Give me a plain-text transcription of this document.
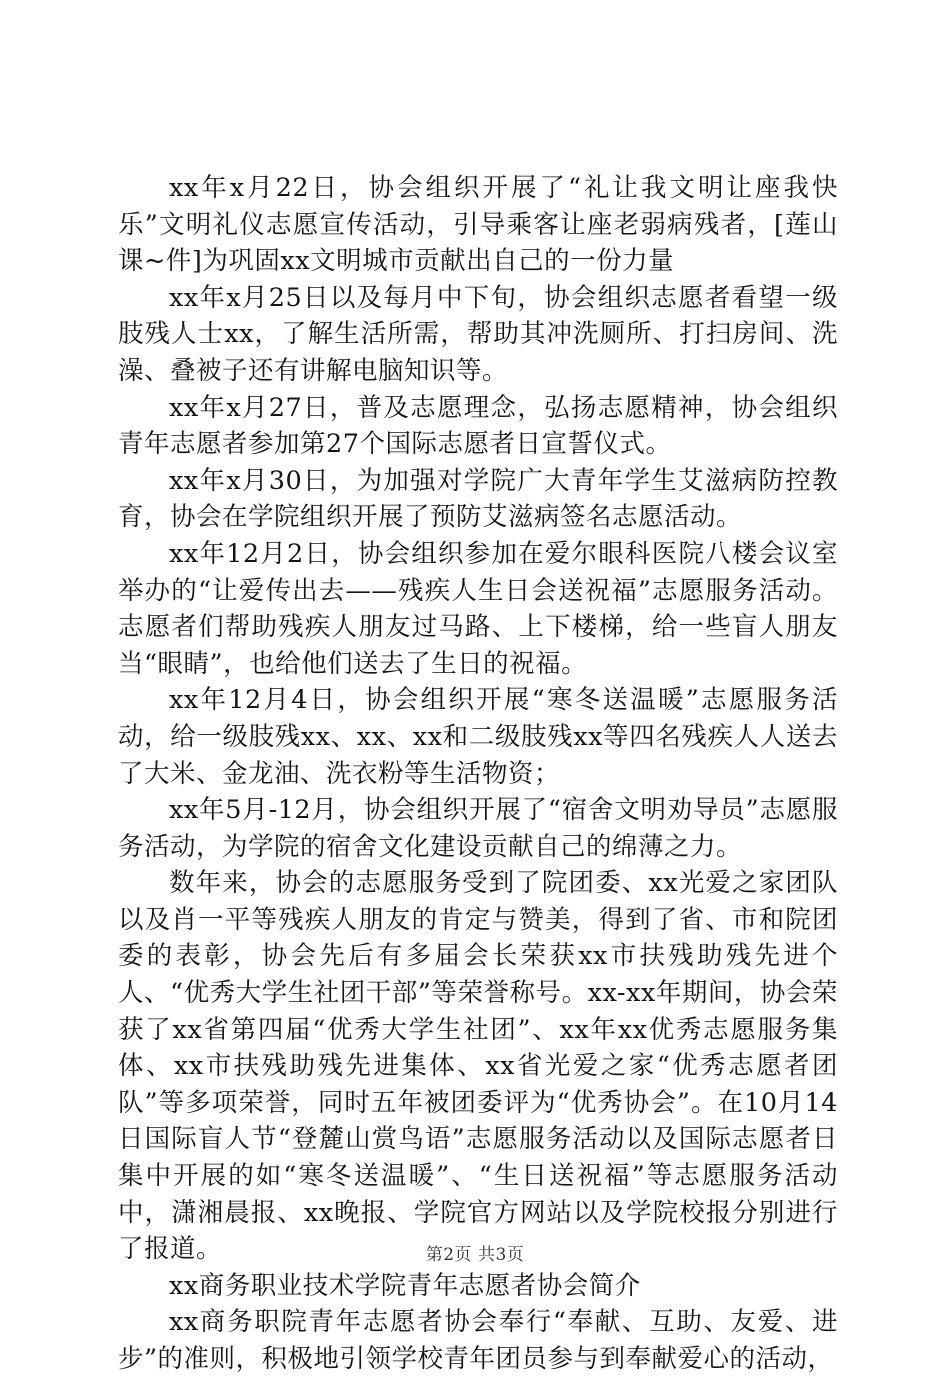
xx年x月22日，协会组织开展了“礼让我文明让座我快乐”文明礼仪志愿宣传活动，引导乘客让座老弱病残者，[莲山课~件]为巩固xx文明城市贡献出自己的一份力量

xx年x月25日以及每月中下旬，协会组织志愿者看望一级肢残人士xx，了解生活所需，帮助其冲洗厕所、打扫房间、洗澡、叠被子还有讲解电脑知识等。

xx年x月27日，普及志愿理念，弘扬志愿精神，协会组织青年志愿者参加第27个国际志愿者日宣誓仪式。

xx年x月30日，为加强对学院广大青年学生艾滋病防控教育，协会在学院组织开展了预防艾滋病签名志愿活动。

xx年12月2日，协会组织参加在爱尔眼科医院八楼会议室举办的“让爱传出去——残疾人生日会送祝福”志愿服务活动。志愿者们帮助残疾人朋友过马路、上下楼梯，给一些盲人朋友当“眼睛”，也给他们送去了生日的祝福。

xx年12月4日，协会组织开展“寒冬送温暖”志愿服务活动，给一级肢残xx、xx、xx和二级肢残xx等四名残疾人人送去了大米、金龙油、洗衣粉等生活物资；

xx年5月-12月，协会组织开展了“宿舍文明劝导员”志愿服务活动，为学院的宿舍文化建设贡献自己的绵薄之力。

数年来，协会的志愿服务受到了院团委、xx光爱之家团队以及肖一平等残疾人朋友的肯定与赞美，得到了省、市和院团委的表彰，协会先后有多届会长荣获xx市扶残助残先进个人、“优秀大学生社团干部”等荣誉称号。xx-xx年期间，协会荣获了xx省第四届“优秀大学生社团”、xx年xx优秀志愿服务集体、xx市扶残助残先进集体、xx省光爱之家“优秀志愿者团队”等多项荣誉，同时五年被团委评为“优秀协会”。在10月14日国际盲人节“登麓山赏鸟语”志愿服务活动以及国际志愿者日集中开展的如“寒冬送温暖”、“生日送祝福”等志愿服务活动中，潇湘晨报、xx晚报、学院官方网站以及学院校报分别进行了报道。

xx商务职业技术学院青年志愿者协会简介

xx商务职院青年志愿者协会奉行“奉献、互助、友爱、进步”的准则，积极地引领学校青年团员参与到奉献爱心的活动，

第2页 共3页
